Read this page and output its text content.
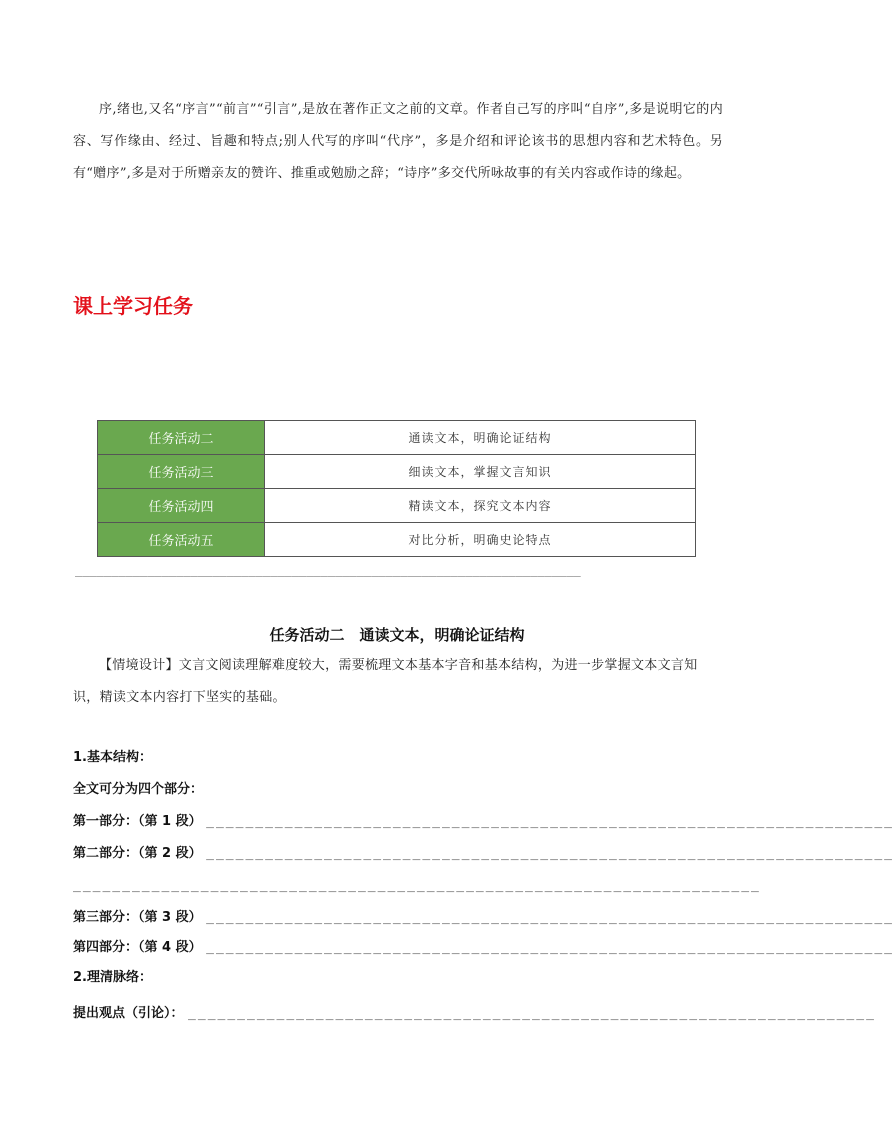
序,绪也,又名“序言”“前言”“引言”,是放在著作正文之前的文章。作者自己写的序叫“自序”,多是说明它的内容、写作缘由、经过、旨趣和特点;别人代写的序叫“代序”，多是介绍和评论该书的思想内容和艺术特色。另有“赠序”,多是对于所赠亲友的赞许、推重或勉励之辞；“诗序”多交代所咏故事的有关内容或作诗的缘起。

课上学习任务
任务活动二	通读文本，明确论证结构
任务活动三	细读文本，掌握文言知识
任务活动四	精读文本，探究文本内容
任务活动五	对比分析，明确史论特点
______________________________________________________________________
任务活动二　通读文本，明确论证结构

【情境设计】文言文阅读理解难度较大，需要梳理文本基本字音和基本结构，为进一步掌握文本文言知识，精读文本内容打下坚实的基础。

1.基本结构：
全文可分为四个部分：
第一部分：（第 1 段） ______________________________________________________________________
第二部分：（第 2 段） ______________________________________________________________________
______________________________________________________________________
第三部分：（第 3 段） ______________________________________________________________________
第四部分：（第 4 段） ______________________________________________________________________
2.理清脉络：
提出观点（引论）： ______________________________________________________________________
